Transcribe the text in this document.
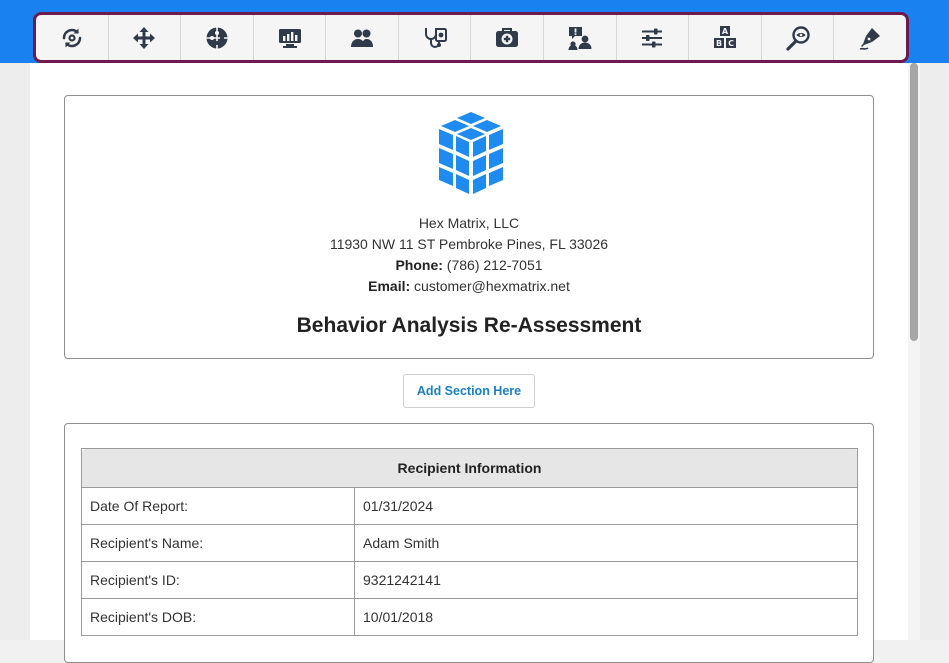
A
B C
Hex Matrix, LLC
11930 NW 11 ST Pembroke Pines, FL 33026
Phone: (786) 212-7051
Email: customer@hexmatrix.net
Behavior Analysis Re-Assessment
Add Section Here
Recipient Information	
Date Of Report:	01/31/2024
Recipient's Name:	Adam Smith
Recipient's ID:	9321242141
Recipient's DOB:	10/01/2018
